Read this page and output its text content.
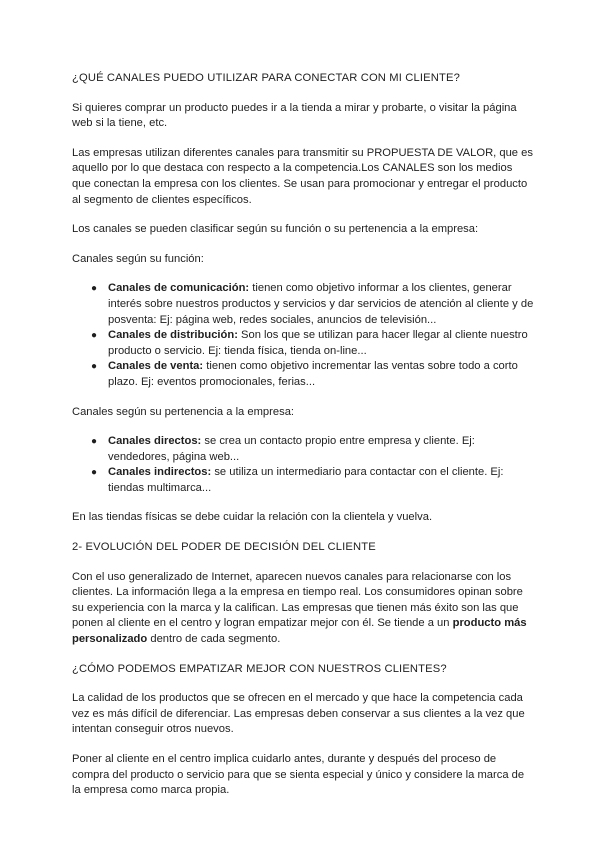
¿QUÉ CANALES PUEDO UTILIZAR PARA CONECTAR CON MI CLIENTE?

Si quieres comprar un producto puedes ir a la tienda a mirar y probarte, o visitar la página web si la tiene, etc.

Las empresas utilizan diferentes canales para transmitir su PROPUESTA DE VALOR, que es aquello por lo que destaca con respecto a la competencia.Los CANALES son los medios que conectan la empresa con los clientes. Se usan para promocionar y entregar el producto al segmento de clientes específicos.

Los canales se pueden clasificar según su función o su pertenencia a la empresa:

Canales según su función:

● Canales de comunicación: tienen como objetivo informar a los clientes, generar interés sobre nuestros productos y servicios y dar servicios de atención al cliente y de posventa: Ej: página web, redes sociales, anuncios de televisión...
● Canales de distribución: Son los que se utilizan para hacer llegar al cliente nuestro producto o servicio. Ej: tienda física, tienda on-line...
● Canales de venta: tienen como objetivo incrementar las ventas sobre todo a corto plazo. Ej: eventos promocionales, ferias...

Canales según su pertenencia a la empresa:

● Canales directos: se crea un contacto propio entre empresa y cliente. Ej: vendedores, página web...
● Canales indirectos: se utiliza un intermediario para contactar con el cliente. Ej: tiendas multimarca...

En las tiendas físicas se debe cuidar la relación con la clientela y vuelva.

2- EVOLUCIÓN DEL PODER DE DECISIÓN DEL CLIENTE

Con el uso generalizado de Internet, aparecen nuevos canales para relacionarse con los clientes. La información llega a la empresa en tiempo real. Los consumidores opinan sobre su experiencia con la marca y la califican. Las empresas que tienen más éxito son las que ponen al cliente en el centro y logran empatizar mejor con él. Se tiende a un producto más personalizado dentro de cada segmento.

¿CÓMO PODEMOS EMPATIZAR MEJOR CON NUESTROS CLIENTES?

La calidad de los productos que se ofrecen en el mercado y que hace la competencia cada vez es más difícil de diferenciar. Las empresas deben conservar a sus clientes a la vez que intentan conseguir otros nuevos.

Poner al cliente en el centro implica cuidarlo antes, durante y después del proceso de compra del producto o servicio para que se sienta especial y único y considere la marca de la empresa como marca propia.
